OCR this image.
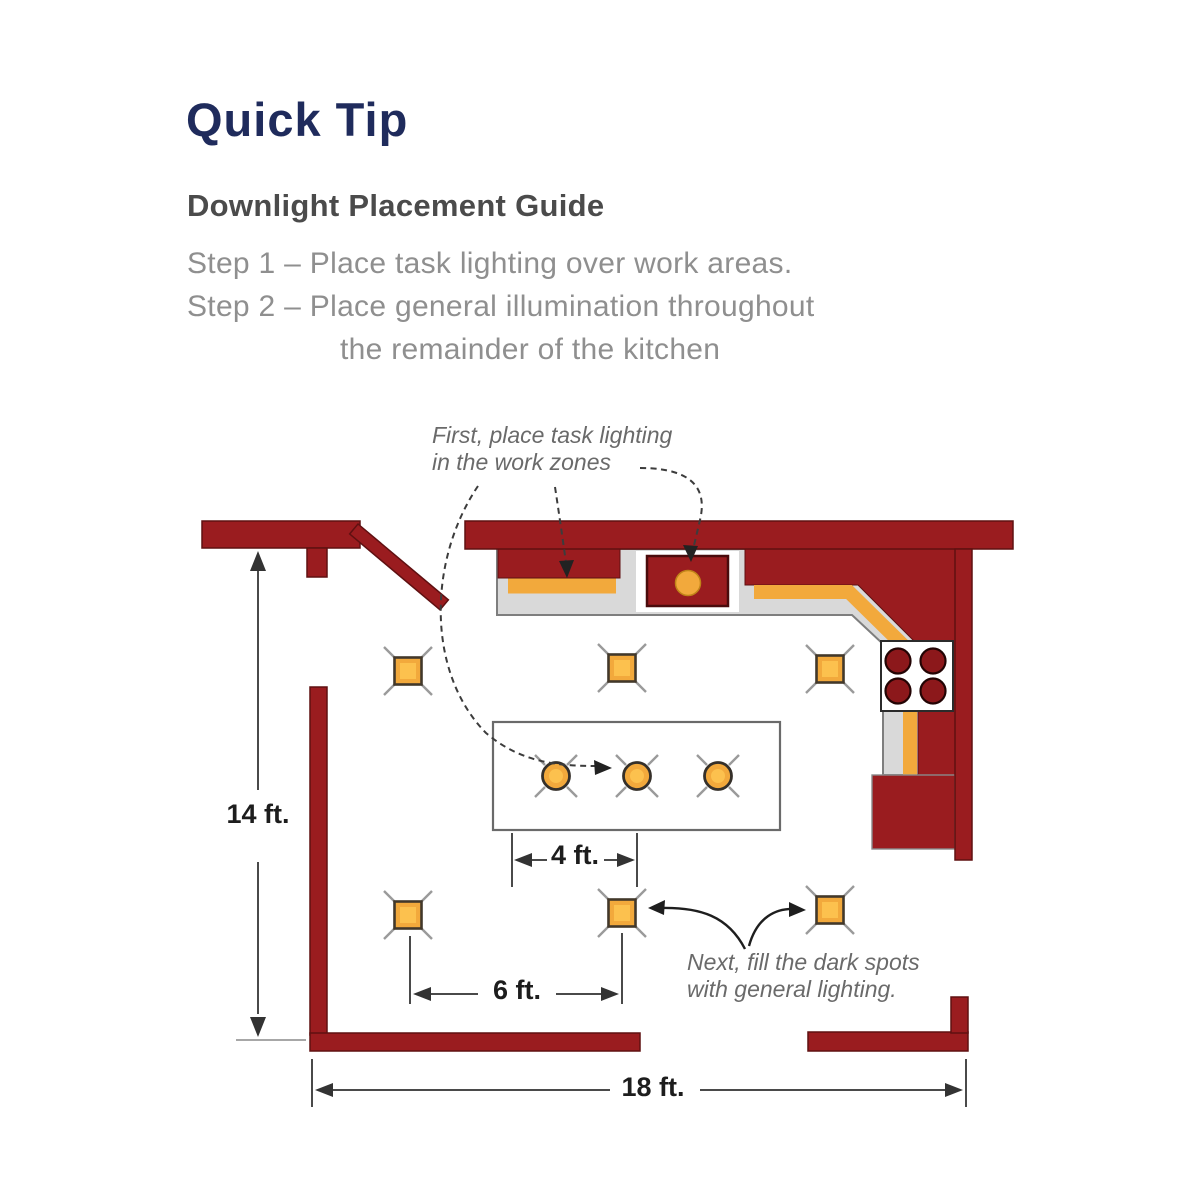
Quick Tip
Downlight Placement Guide
Step 1 – Place task lighting over work areas.
Step 2 – Place general illumination throughout
the remainder of the kitchen
First, place task lighting
in the work zones
Next, fill the dark spots
with general lighting.
14 ft.
4 ft.
6 ft.
18 ft.
